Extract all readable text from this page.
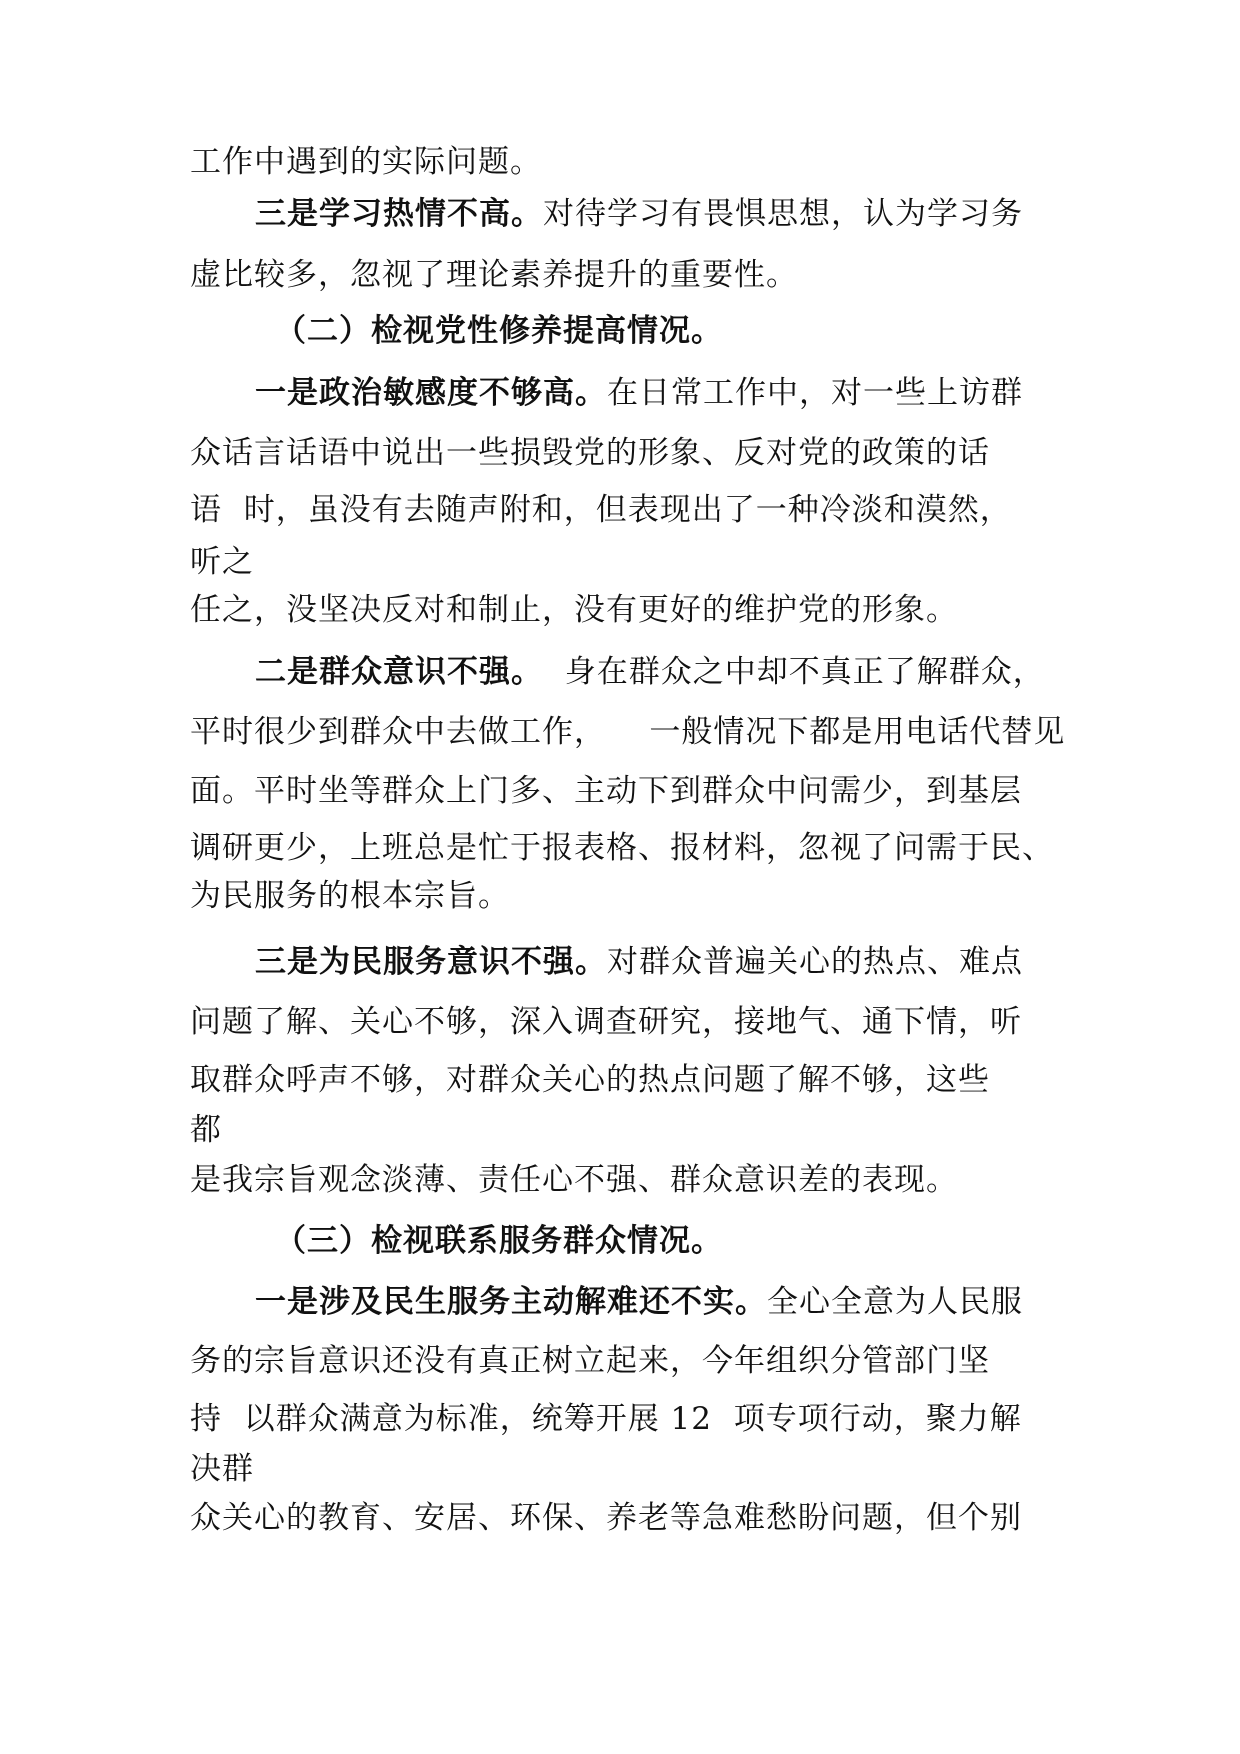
工作中遇到的实际问题。
三是学习热情不高。对待学习有畏惧思想，认为学习务
虚比较多，忽视了理论素养提升的重要性。
（二）检视党性修养提高情况。
一是政治敏感度不够高。在日常工作中，对一些上访群
众话言话语中说出一些损毁党的形象、反对党的政策的话
语  时，虽没有去随声附和，但表现出了一种冷淡和漠然，
听之
任之，没坚决反对和制止，没有更好的维护党的形象。
二是群众意识不强。  身在群众之中却不真正了解群众，
平时很少到群众中去做工作，    一般情况下都是用电话代替见
面。平时坐等群众上门多、主动下到群众中问需少，到基层
调研更少，上班总是忙于报表格、报材料，忽视了问需于民、
为民服务的根本宗旨。
三是为民服务意识不强。对群众普遍关心的热点、难点
问题了解、关心不够，深入调查研究，接地气、通下情，听
取群众呼声不够，对群众关心的热点问题了解不够，这些
都
是我宗旨观念淡薄、责任心不强、群众意识差的表现。
（三）检视联系服务群众情况。
一是涉及民生服务主动解难还不实。全心全意为人民服
务的宗旨意识还没有真正树立起来，今年组织分管部门坚
持  以群众满意为标准，统筹开展 12  项专项行动，聚力解
决群
众关心的教育、安居、环保、养老等急难愁盼问题，但个别
